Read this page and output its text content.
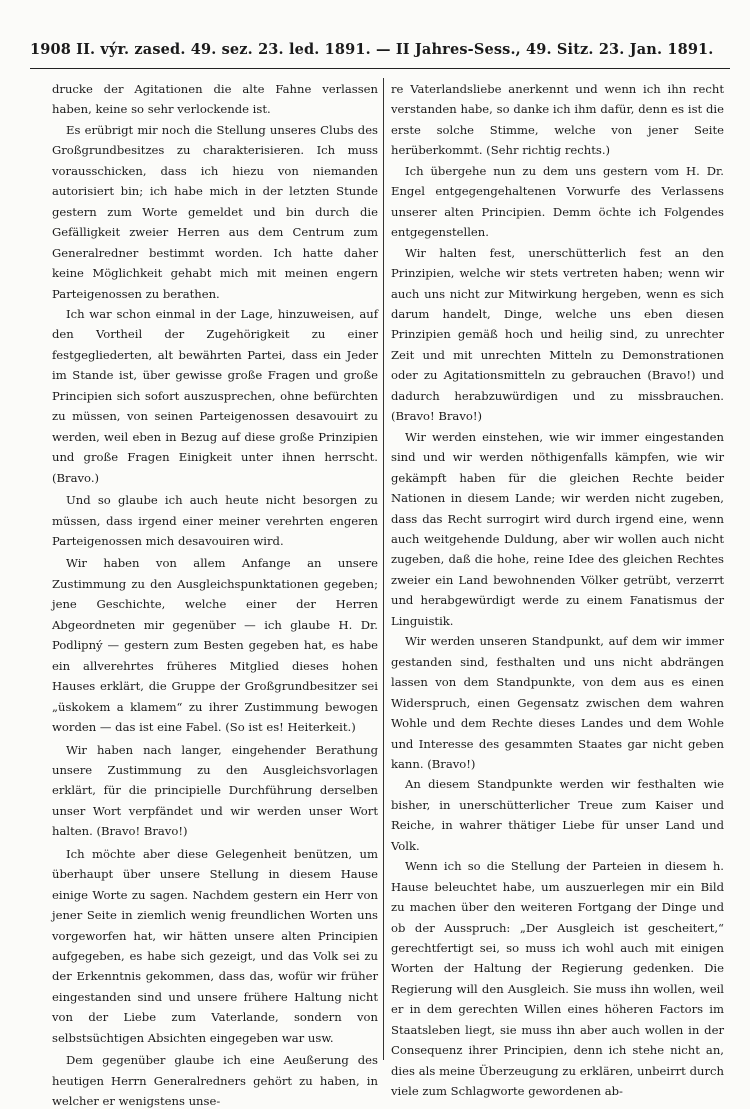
1908 II. výr. zased. 49. sez. 23. led. 1891. — II Jahres-Sess., 49. Sitz. 23. Jan. 1891.

drucke der Agitationen die alte Fahne verlassen haben, keine so sehr verlockende ist.

Es erübrigt mir noch die Stellung unseres Clubs des Großgrundbesitzes zu charakterisieren. Ich muss vorausschicken, dass ich hiezu von niemanden autorisiert bin; ich habe mich in der letzten Stunde gestern zum Worte gemeldet und bin durch die Gefälligkeit zweier Herren aus dem Centrum zum Generalredner bestimmt worden. Ich hatte daher keine Möglichkeit gehabt mich mit meinen engern Parteigenossen zu berathen.

Ich war schon einmal in der Lage, hinzuweisen, auf den Vortheil der Zugehörigkeit zu einer festgegliederten, alt bewährten Partei, dass ein Jeder im Stande ist, über gewisse große Fragen und große Principien sich sofort auszusprechen, ohne befürchten zu müssen, von seinen Parteigenossen desavouirt zu werden, weil eben in Bezug auf diese große Prinzipien und große Fragen Einigkeit unter ihnen herrscht. (Bravo.)

Und so glaube ich auch heute nicht besorgen zu müssen, dass irgend einer meiner verehrten engeren Parteigenossen mich desavouiren wird.

Wir haben von allem Anfange an unsere Zustimmung zu den Ausgleichspunktationen gegeben; jene Geschichte, welche einer der Herren Abgeordneten mir gegenüber — ich glaube H. Dr. Podlipný — gestern zum Besten gegeben hat, es habe ein allverehrtes früheres Mitglied dieses hohen Hauses erklärt, die Gruppe der Großgrundbesitzer sei „üskokem a klamem“ zu ihrer Zustimmung bewogen worden — das ist eine Fabel. (So ist es! Heiterkeit.)

Wir haben nach langer, eingehender Berathung unsere Zustimmung zu den Ausgleichsvorlagen erklärt, für die principielle Durchführung derselben unser Wort verpfändet und wir werden unser Wort halten. (Bravo! Bravo!)

Ich möchte aber diese Gelegenheit benützen, um überhaupt über unsere Stellung in diesem Hause einige Worte zu sagen. Nachdem gestern ein Herr von jener Seite in ziemlich wenig freundlichen Worten uns vorgeworfen hat, wir hätten unsere alten Principien aufgegeben, es habe sich gezeigt, und das Volk sei zu der Erkenntnis gekommen, dass das, wofür wir früher eingestanden sind und unsere frühere Haltung nicht von der Liebe zum Vaterlande, sondern von selbstsüchtigen Absichten eingegeben war usw.

Dem gegenüber glaube ich eine Aeußerung des heutigen Herrn Generalredners gehört zu haben, in welcher er wenigstens unse-

re Vaterlandsliebe anerkennt und wenn ich ihn recht verstanden habe, so danke ich ihm dafür, denn es ist die erste solche Stimme, welche von jener Seite herüberkommt. (Sehr richtig rechts.)

Ich übergehe nun zu dem uns gestern vom H. Dr. Engel entgegengehaltenen Vorwurfe des Verlassens unserer alten Principien. Demm öchte ich Folgendes entgegenstellen.

Wir halten fest, unerschütterlich fest an den Prinzipien, welche wir stets vertreten haben; wenn wir auch uns nicht zur Mitwirkung hergeben, wenn es sich darum handelt, Dinge, welche uns eben diesen Prinzipien gemäß hoch und heilig sind, zu unrechter Zeit und mit unrechten Mitteln zu Demonstrationen oder zu Agitationsmitteln zu gebrauchen (Bravo!) und dadurch herabzuwürdigen und zu missbrauchen. (Bravo! Bravo!)

Wir werden einstehen, wie wir immer eingestanden sind und wir werden nöthigenfalls kämpfen, wie wir gekämpft haben für die gleichen Rechte beider Nationen in diesem Lande; wir werden nicht zugeben, dass das Recht surrogirt wird durch irgend eine, wenn auch weitgehende Duldung, aber wir wollen auch nicht zugeben, daß die hohe, reine Idee des gleichen Rechtes zweier ein Land bewohnenden Völker getrübt, verzerrt und herabgewürdigt werde zu einem Fanatismus der Linguistik.

Wir werden unseren Standpunkt, auf dem wir immer gestanden sind, festhalten und uns nicht abdrängen lassen von dem Standpunkte, von dem aus es einen Widerspruch, einen Gegensatz zwischen dem wahren Wohle und dem Rechte dieses Landes und dem Wohle und Interesse des gesammten Staates gar nicht geben kann. (Bravo!)

An diesem Standpunkte werden wir festhalten wie bisher, in unerschütterlicher Treue zum Kaiser und Reiche, in wahrer thätiger Liebe für unser Land und Volk.

Wenn ich so die Stellung der Parteien in diesem h. Hause beleuchtet habe, um auszuerlegen mir ein Bild zu machen über den weiteren Fortgang der Dinge und ob der Ausspruch: „Der Ausgleich ist gescheitert,“ gerechtfertigt sei, so muss ich wohl auch mit einigen Worten der Haltung der Regierung gedenken. Die Regierung will den Ausgleich. Sie muss ihn wollen, weil er in dem gerechten Willen eines höheren Factors im Staatsleben liegt, sie muss ihn aber auch wollen in der Consequenz ihrer Principien, denn ich stehe nicht an, dies als meine Überzeugung zu erklären, unbeirrt durch viele zum Schlagworte gewordenen ab-
